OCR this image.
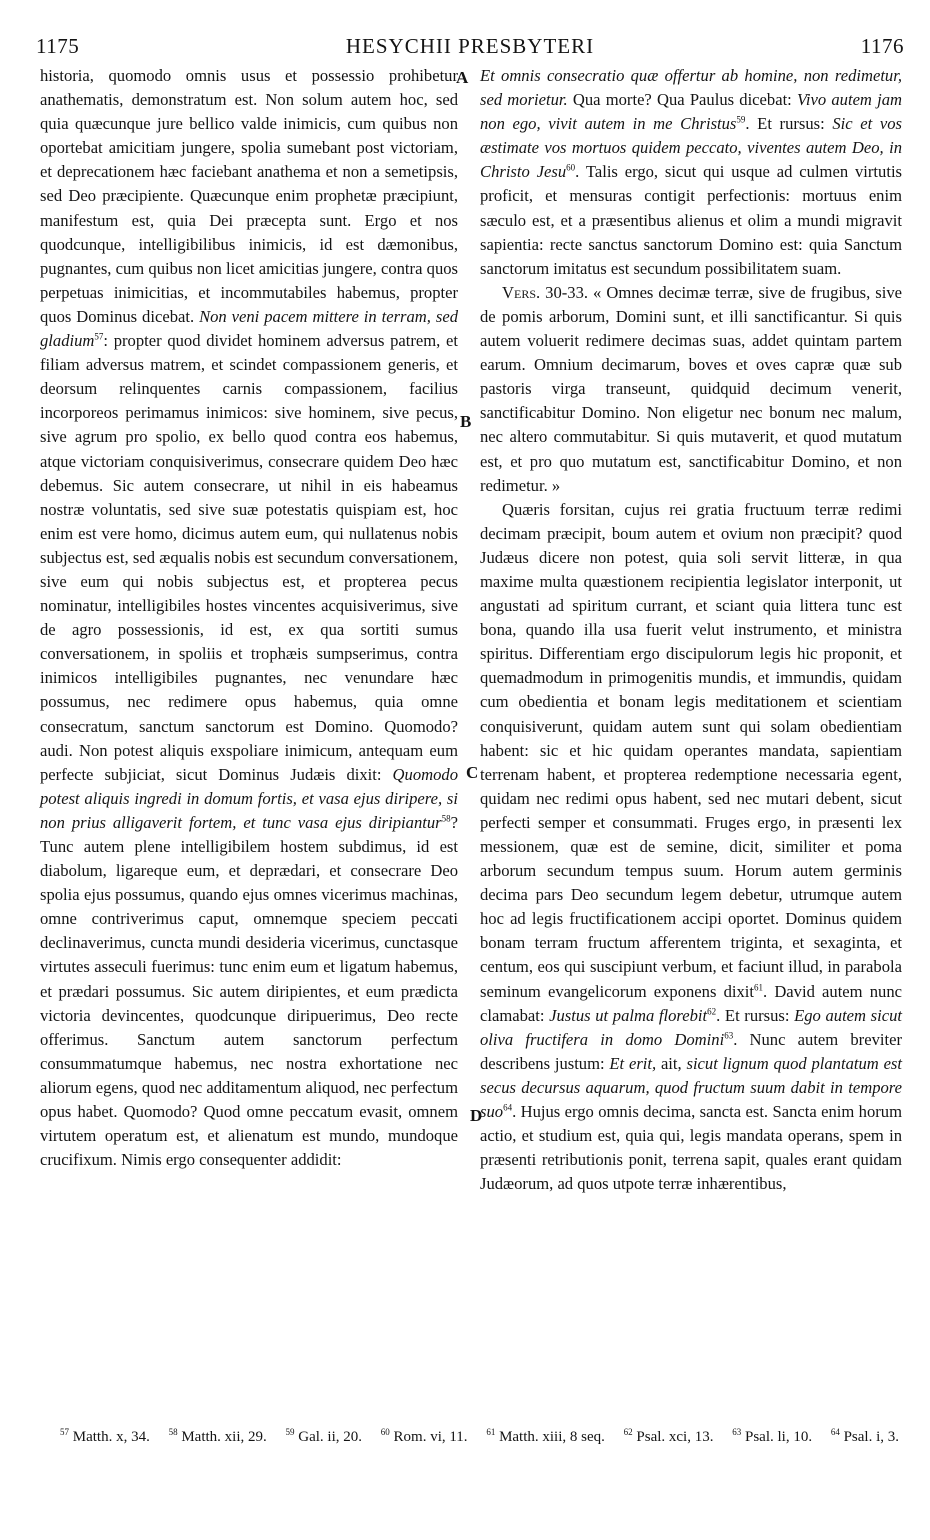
1175	HESYCHII PRESBYTERI	1176
A
B
C
D

historia, quomodo omnis usus et possessio prohibetur anathematis, demonstratum est. Non solum autem hoc, sed quia quæcunque jure bellico valde inimicis, cum quibus non oportebat amicitiam jungere, spolia sumebant post victoriam, et deprecationem hæc faciebant anathema et non a semetipsis, sed Deo præcipiente. Quæcunque enim prophetæ præcipiunt, manifestum est, quia Dei præcepta sunt. Ergo et nos quodcunque, intelligibilibus inimicis, id est dæmonibus, pugnantes, cum quibus non licet amicitias jungere, contra quos perpetuas inimicitias, et incommutabiles habemus, propter quos Dominus dicebat. Non veni pacem mittere in terram, sed gladium$^{57}$: propter quod dividet hominem adversus patrem, et filiam adversus matrem, et scindet compassionem generis, et deorsum relinquentes carnis compassionem, facilius incorporeos perimamus inimicos: sive hominem, sive pecus, sive agrum pro spolio, ex bello quod contra eos habemus, atque victoriam conquisiverimus, consecrare quidem Deo hæc debemus. Sic autem consecrare, ut nihil in eis habeamus nostræ voluntatis, sed sive suæ potestatis quispiam est, hoc enim est vere homo, dicimus autem eum, qui nullatenus nobis subjectus est, sed æqualis nobis est secundum conversationem, sive eum qui nobis subjectus est, et propterea pecus nominatur, intelligibiles hostes vincentes acquisiverimus, sive de agro possessionis, id est, ex qua sortiti sumus conversationem, in spoliis et trophæis sumpserimus, contra inimicos intelligibiles pugnantes, nec venundare hæc possumus, nec redimere opus habemus, quia omne consecratum, sanctum sanctorum est Domino. Quomodo? audi. Non potest aliquis exspoliare inimicum, antequam eum perfecte subjiciat, sicut Dominus Judæis dixit: Quomodo potest aliquis ingredi in domum fortis, et vasa ejus diripere, si non prius alligaverit fortem, et tunc vasa ejus diripiantur$^{58}$? Tunc autem plene intelligibilem hostem subdimus, id est diabolum, ligareque eum, et deprædari, et consecrare Deo spolia ejus possumus, quando ejus omnes vicerimus machinas, omne contriverimus caput, omnemque speciem peccati declinaverimus, cuncta mundi desideria vicerimus, cunctasque virtutes asseculi fuerimus: tunc enim eum et ligatum habemus, et prædari possumus. Sic autem diripientes, et eum prædicta victoria devincentes, quodcunque diripuerimus, Deo recte offerimus. Sanctum autem sanctorum perfectum consummatumque habemus, nec nostra exhortatione nec aliorum egens, quod nec additamentum aliquod, nec perfectum opus habet. Quomodo? Quod omne peccatum evasit, omnem virtutem operatum est, et alienatum est mundo, mundoque crucifixum. Nimis ergo consequenter addidit:

Et omnis consecratio quæ offertur ab homine, non redimetur, sed morietur. Qua morte? Qua Paulus dicebat: Vivo autem jam non ego, vivit autem in me Christus$^{59}$. Et rursus: Sic et vos æstimate vos mortuos quidem peccato, viventes autem Deo, in Christo Jesu$^{60}$. Talis ergo, sicut qui usque ad culmen virtutis proficit, et mensuras contigit perfectionis: mortuus enim sæculo est, et a præsentibus alienus et olim a mundi migravit sapientia: recte sanctus sanctorum Domino est: quia Sanctum sanctorum imitatus est secundum possibilitatem suam.

Vers. 30-33. « Omnes decimæ terræ, sive de frugibus, sive de pomis arborum, Domini sunt, et illi sanctificantur. Si quis autem voluerit redimere decimas suas, addet quintam partem earum. Omnium decimarum, boves et oves capræ quæ sub pastoris virga transeunt, quidquid decimum venerit, sanctificabitur Domino. Non eligetur nec bonum nec malum, nec altero commutabitur. Si quis mutaverit, et quod mutatum est, et pro quo mutatum est, sanctificabitur Domino, et non redimetur. »

Quæris forsitan, cujus rei gratia fructuum terræ redimi decimam præcipit, boum autem et ovium non præcipit? quod Judæus dicere non potest, quia soli servit litteræ, in qua maxime multa quæstionem recipientia legislator interponit, ut angustati ad spiritum currant, et sciant quia littera tunc est bona, quando illa usa fuerit velut instrumento, et ministra spiritus. Differentiam ergo discipulorum legis hic proponit, et quemadmodum in primogenitis mundis, et immundis, quidam cum obedientia et bonam legis meditationem et scientiam conquisiverunt, quidam autem sunt qui solam obedientiam habent: sic et hic quidam operantes mandata, sapientiam terrenam habent, et propterea redemptione necessaria egent, quidam nec redimi opus habent, sed nec mutari debent, sicut perfecti semper et consummati. Fruges ergo, in præsenti lex messionem, quæ est de semine, dicit, similiter et poma arborum secundum tempus suum. Horum autem germinis decima pars Deo secundum legem debetur, utrumque autem hoc ad legis fructificationem accipi oportet. Dominus quidem bonam terram fructum afferentem triginta, et sexaginta, et centum, eos qui suscipiunt verbum, et faciunt illud, in parabola seminum evangelicorum exponens dixit$^{61}$. David autem nunc clamabat: Justus ut palma florebit$^{62}$. Et rursus: Ego autem sicut oliva fructifera in domo Domini$^{63}$. Nunc autem breviter describens justum: Et erit, ait, sicut lignum quod plantatum est secus decursus aquarum, quod fructum suum dabit in tempore suo$^{64}$. Hujus ergo omnis decima, sancta est. Sancta enim horum actio, et studium est, quia qui, legis mandata operans, spem in præsenti retributionis ponit, terrena sapit, quales erant quidam Judæorum, ad quos utpote terræ inhærentibus,

$^{57}$ Matth. x, 34. $^{58}$ Matth. xii, 29. $^{59}$ Gal. ii, 20. $^{60}$ Rom. vi, 11. $^{61}$ Matth. xiii, 8 seq. $^{62}$ Psal. xci, 13. $^{63}$ Psal. li, 10. $^{64}$ Psal. i, 3.
